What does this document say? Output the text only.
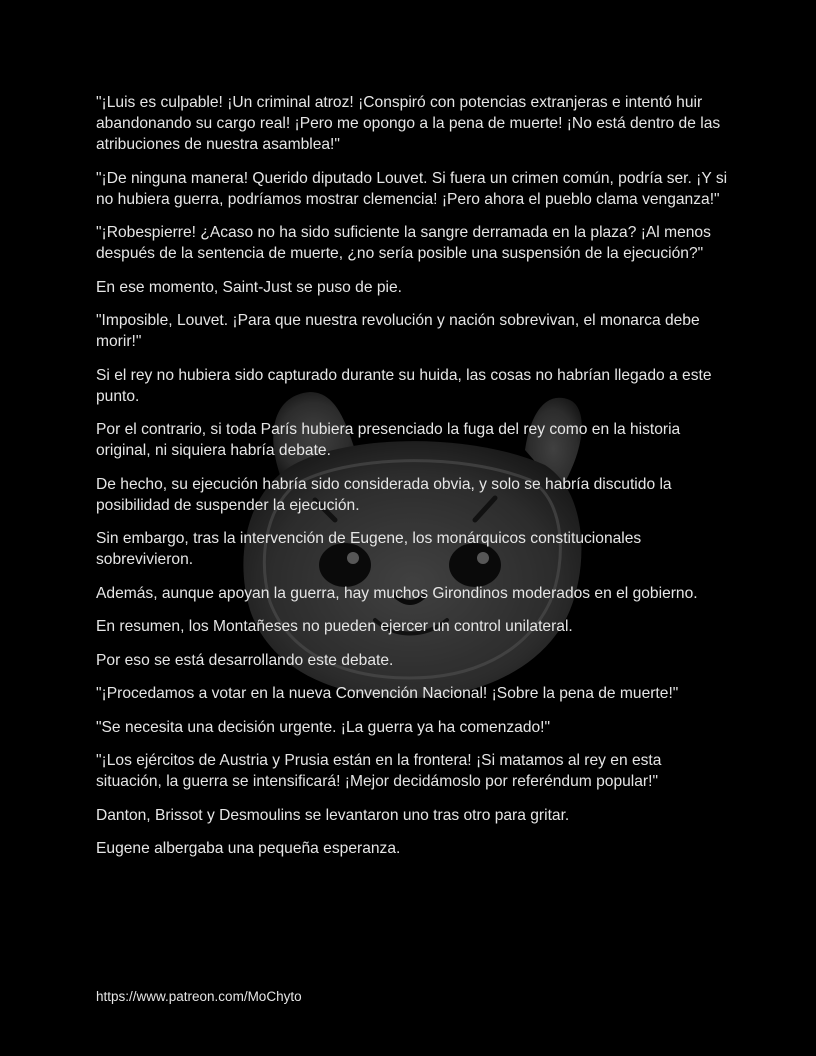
"¡Luis es culpable! ¡Un criminal atroz! ¡Conspiró con potencias extranjeras e intentó huir abandonando su cargo real! ¡Pero me opongo a la pena de muerte! ¡No está dentro de las atribuciones de nuestra asamblea!"

"¡De ninguna manera! Querido diputado Louvet. Si fuera un crimen común, podría ser. ¡Y si no hubiera guerra, podríamos mostrar clemencia! ¡Pero ahora el pueblo clama venganza!"

"¡Robespierre! ¿Acaso no ha sido suficiente la sangre derramada en la plaza? ¡Al menos después de la sentencia de muerte, ¿no sería posible una suspensión de la ejecución?"

En ese momento, Saint-Just se puso de pie.

"Imposible, Louvet. ¡Para que nuestra revolución y nación sobrevivan, el monarca debe morir!"

Si el rey no hubiera sido capturado durante su huida, las cosas no habrían llegado a este punto.

Por el contrario, si toda París hubiera presenciado la fuga del rey como en la historia original, ni siquiera habría debate.

De hecho, su ejecución habría sido considerada obvia, y solo se habría discutido la posibilidad de suspender la ejecución.

Sin embargo, tras la intervención de Eugene, los monárquicos constitucionales sobrevivieron.

Además, aunque apoyan la guerra, hay muchos Girondinos moderados en el gobierno.

En resumen, los Montañeses no pueden ejercer un control unilateral.

Por eso se está desarrollando este debate.

"¡Procedamos a votar en la nueva Convención Nacional! ¡Sobre la pena de muerte!"

"Se necesita una decisión urgente. ¡La guerra ya ha comenzado!"

"¡Los ejércitos de Austria y Prusia están en la frontera! ¡Si matamos al rey en esta situación, la guerra se intensificará! ¡Mejor decidámoslo por referéndum popular!"

Danton, Brissot y Desmoulins se levantaron uno tras otro para gritar.

Eugene albergaba una pequeña esperanza.

https://www.patreon.com/MoChyto
